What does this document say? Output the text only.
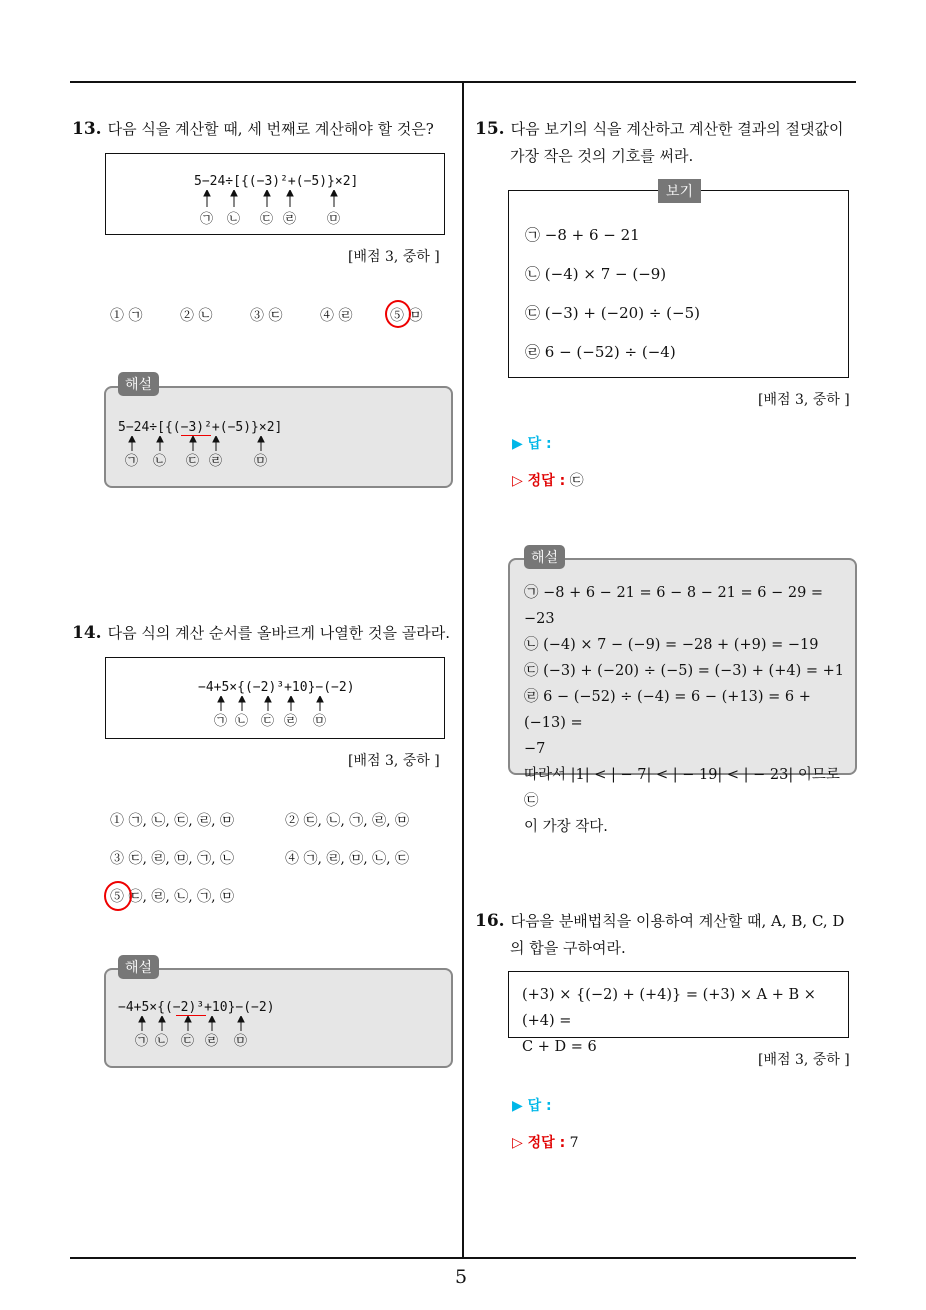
5
13. 다음 식을 계산할 때, 세 번째로 계산해야 할 것은?
5−24÷[{(−3)²+(−5)}×2]
㉠ ㉡ ㉢ ㉣ ㉤
[배점 3, 중하 ]
① ㉠	② ㉡	③ ㉢	④ ㉣	⑤ ㉤
5−24÷[{(−3)²+(−5)}×2]
㉠ ㉡ ㉢ ㉣ ㉤
해설
14. 다음 식의 계산 순서를 올바르게 나열한 것을 골라라.
−4+5×{(−2)³+10}−(−2)
㉠ ㉡ ㉢ ㉣ ㉤
[배점 3, 중하 ]
① ㉠, ㉡, ㉢, ㉣, ㉤	② ㉢, ㉡, ㉠, ㉣, ㉤
③ ㉢, ㉣, ㉤, ㉠, ㉡	④ ㉠, ㉣, ㉤, ㉡, ㉢
⑤ ㉢, ㉣, ㉡, ㉠, ㉤
−4+5×{(−2)³+10}−(−2)
㉠ ㉡ ㉢ ㉣ ㉤
해설
15. 다음 보기의 식을 계산하고 계산한 결과의 절댓값이
가장 작은 것의 기호를 써라.
㉠ −8 + 6 − 21
㉡ (−4) × 7 − (−9)
㉢ (−3) + (−20) ÷ (−5)
㉣ 6 − (−52) ÷ (−4)
보기
[배점 3, 중하 ]
▶ 답 :
▷ 정답 : ㉢
㉠ −8 + 6 − 21 = 6 − 8 − 21 = 6 − 29 = −23
㉡ (−4) × 7 − (−9) = −28 + (+9) = −19
㉢ (−3) + (−20) ÷ (−5) = (−3) + (+4) = +1
㉣ 6 − (−52) ÷ (−4) = 6 − (+13) = 6 + (−13) =
−7
따라서 |1| < | − 7| < | − 19| < | − 23| 이므로 ㉢
이 가장 작다.
해설
16. 다음을 분배법칙을 이용하여 계산할 때, A, B, C, D
의 합을 구하여라.
(+3) × {(−2) + (+4)} = (+3) × A + B × (+4) =
C + D = 6
[배점 3, 중하 ]
▶ 답 :
▷ 정답 : 7
